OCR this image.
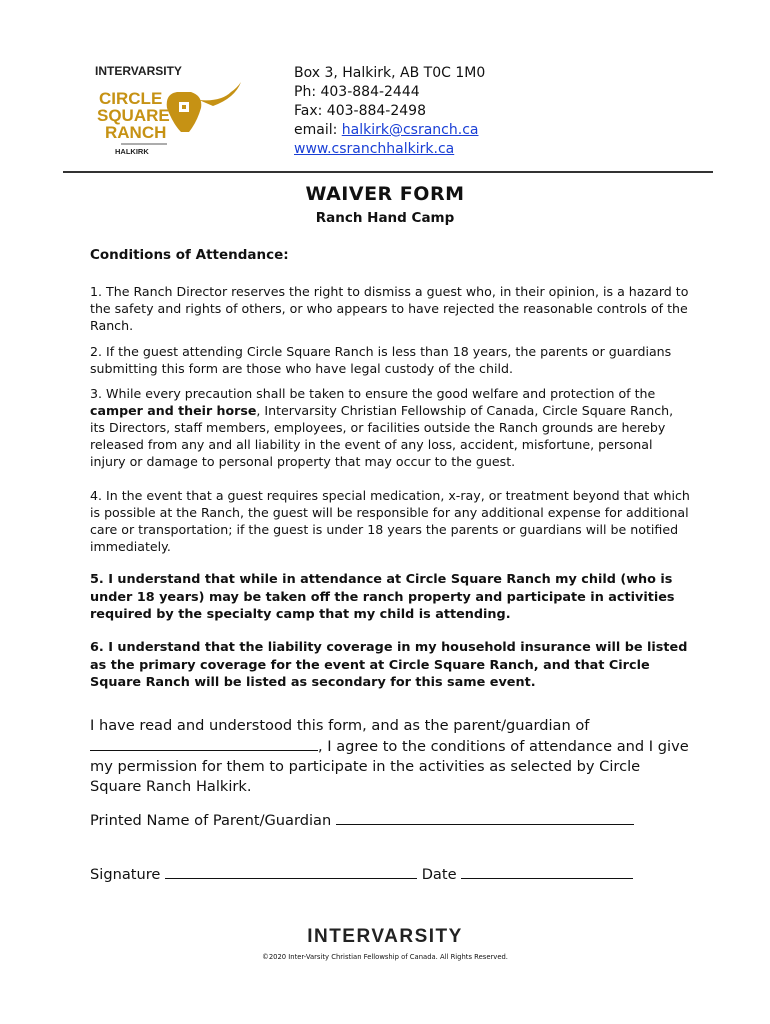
INTERVARSITY
CIRCLE
SQUARE
RANCH
HALKIRK
Box 3, Halkirk, AB T0C 1M0
Ph: 403-884-2444
Fax: 403-884-2498
email: halkirk@csranch.ca
www.csranchhalkirk.ca
WAIVER FORM
Ranch Hand Camp
Conditions of Attendance:
1. The Ranch Director reserves the right to dismiss a guest who, in their opinion, is a hazard to the safety and rights of others, or who appears to have rejected the reasonable controls of the Ranch.
2. If the guest attending Circle Square Ranch is less than 18 years, the parents or guardians submitting this form are those who have legal custody of the child.
3. While every precaution shall be taken to ensure the good welfare and protection of the camper and their horse, Intervarsity Christian Fellowship of Canada, Circle Square Ranch, its Directors, staff members, employees, or facilities outside the Ranch grounds are hereby released from any and all liability in the event of any loss, accident, misfortune, personal injury or damage to personal property that may occur to the guest.
4. In the event that a guest requires special medication, x-ray, or treatment beyond that which is possible at the Ranch, the guest will be responsible for any additional expense for additional care or transportation; if the guest is under 18 years the parents or guardians will be notified immediately.
5. I understand that while in attendance at Circle Square Ranch my child (who is under 18 years) may be taken off the ranch property and participate in activities required by the specialty camp that my child is attending.
6. I understand that the liability coverage in my household insurance will be listed as the primary coverage for the event at Circle Square Ranch, and that Circle Square Ranch will be listed as secondary for this same event.
I have read and understood this form, and as the parent/guardian of
, I agree to the conditions of attendance and I give my permission for them to participate in the activities as selected by Circle Square Ranch Halkirk.
Printed Name of Parent/Guardian
Signature	Date
INTERVARSITY
©2020 Inter-Varsity Christian Fellowship of Canada. All Rights Reserved.
